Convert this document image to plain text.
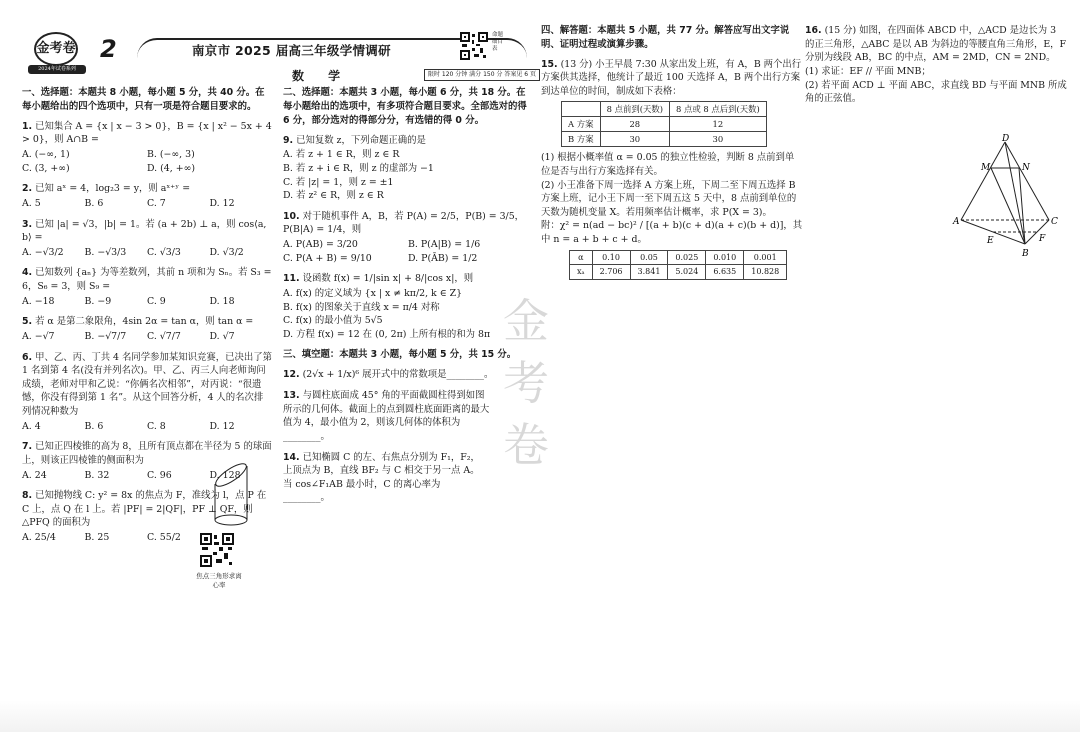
金考卷
2024年试卷系列
2	南京市 2025 届高三年级学情调研
命题细目表
数 学	限时 120 分钟 满分 150 分 答案见 6 页
一、选择题：本题共 8 小题，每小题 5 分，共 40 分。在每小题给出的四个选项中，只有一项是符合题目要求的。
1. 已知集合 A = {x | x − 3 > 0}，B = {x | x² − 5x + 4 > 0}，则 A∩B =
A. (−∞, 1)	B. (−∞, 3)
C. (3, +∞)	D. (4, +∞)
2. 已知 aˣ = 4，log₂3 = y，则 aˣ⁺ʸ =
A. 5	B. 6	C. 7	D. 12
3. 已知 |a| = √3，|b| = 1。若 (a + 2b) ⊥ a，则 cos⟨a, b⟩ =
A. −√3/2	B. −√3/3	C. √3/3	D. √3/2
4. 已知数列 {aₙ} 为等差数列，其前 n 项和为 Sₙ。若 S₃ = 6，S₆ = 3，则 S₉ =
A. −18	B. −9	C. 9	D. 18
5. 若 α 是第二象限角，4sin 2α = tan α，则 tan α =
A. −√7	B. −√7/7	C. √7/7	D. √7
6. 甲、乙、丙、丁共 4 名同学参加某知识竞赛，已决出了第 1 名到第 4 名(没有并列名次)。甲、乙、丙三人向老师询问成绩，老师对甲和乙说：“你俩名次相邻”，对丙说：“很遗憾，你没有得到第 1 名”。从这个回答分析，4 人的名次排列情况种数为
A. 4	B. 6	C. 8	D. 12
7. 已知正四棱锥的高为 8，且所有顶点都在半径为 5 的球面上，则该正四棱锥的侧面积为
A. 24	B. 32	C. 96	D. 128
8. 已知抛物线 C: y² = 8x 的焦点为 F，准线为 l，点 P 在 C 上，点 Q 在 l 上。若 |PF| = 2|QF|，PF ⊥ QF，则 △PFQ 的面积为
A. 25/4	B. 25	C. 55/2
二、选择题：本题共 3 小题，每小题 6 分，共 18 分。在每小题给出的选项中，有多项符合题目要求。全部选对的得 6 分，部分选对的得部分分，有选错的得 0 分。
9. 已知复数 z，下列命题正确的是
A. 若 z + 1 ∈ R，则 z ∈ R
B. 若 z + i ∈ R，则 z 的虚部为 −1
C. 若 |z| = 1，则 z = ±1
D. 若 z² ∈ R，则 z ∈ R
10. 对于随机事件 A，B，若 P(A) = 2/5，P(B) = 3/5，P(B|A) = 1/4，则
A. P(AB) = 3/20	B. P(A|B) = 1/6
C. P(A + B) = 9/10	D. P(ĀB) = 1/2
11. 设函数 f(x) = 1/|sin x| + 8/|cos x|，则
A. f(x) 的定义域为 {x | x ≠ kπ/2, k ∈ Z}
B. f(x) 的图象关于直线 x = π/4 对称
C. f(x) 的最小值为 5√5
D. 方程 f(x) = 12 在 (0, 2π) 上所有根的和为 8π
三、填空题：本题共 3 小题，每小题 5 分，共 15 分。
12. (2√x + 1/x)⁶ 展开式中的常数项是________。
13. 与圆柱底面成 45° 角的平面截圆柱得到如图所示的几何体。截面上的点到圆柱底面距离的最大值为 4，最小值为 2，则该几何体的体积为________。
14. 已知椭圆 C 的左、右焦点分别为 F₁，F₂，上顶点为 B，直线 BF₂ 与 C 相交于另一点 A。当 cos∠F₁AB 最小时，C 的离心率为________。
焦点三角形求离心率
金
考
卷
四、解答题：本题共 5 小题，共 77 分。解答应写出文字说明、证明过程或演算步骤。
15. (13 分) 小王早晨 7:30 从家出发上班，有 A，B 两个出行方案供其选择，他统计了最近 100 天选择 A，B 两个出行方案到达单位的时间，制成如下表格：
	8 点前到(天数)	8 点或 8 点后到(天数)
A 方案	28	12
B 方案	30	30
(1) 根据小概率值 α = 0.05 的独立性检验，判断 8 点前到单位是否与出行方案选择有关。
(2) 小王准备下周一选择 A 方案上班，下周二至下周五选择 B 方案上班，记小王下周一至下周五这 5 天中，8 点前到单位的天数为随机变量 X。若用频率估计概率，求 P(X = 3)。
附：χ² = n(ad − bc)² / [(a + b)(c + d)(a + c)(b + d)]，其中 n = a + b + c + d。
α	0.10	0.05	0.025	0.010	0.001
xₐ	2.706	3.841	5.024	6.635	10.828
16. (15 分) 如图，在四面体 ABCD 中，△ACD 是边长为 3 的正三角形，△ABC 是以 AB 为斜边的等腰直角三角形，E，F 分别为线段 AB，BC 的中点，AM = 2MD，CN = 2ND。
(1) 求证：EF // 平面 MNB；
(2) 若平面 ACD ⊥ 平面 ABC，求直线 BD 与平面 MNB 所成角的正弦值。
D
M	N
A	C
E	F
B
